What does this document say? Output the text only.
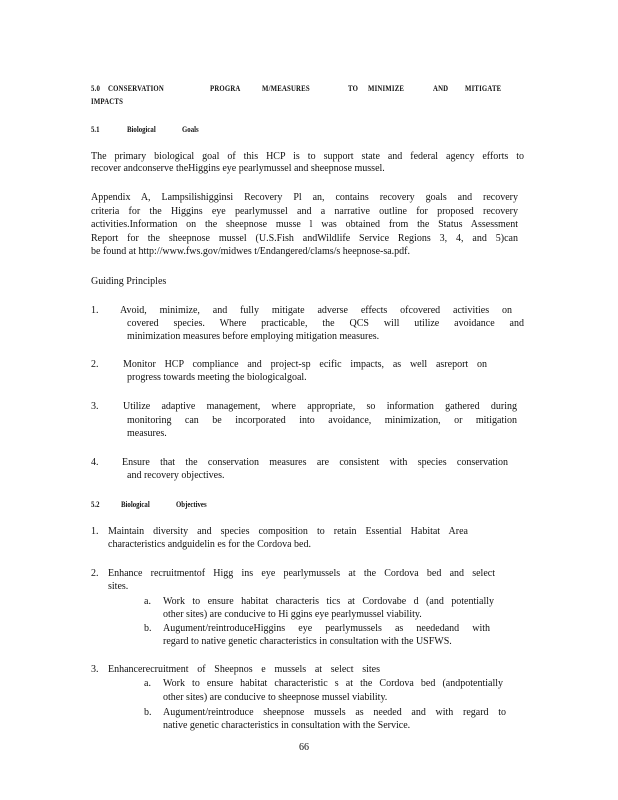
5.0 CONSERVATION	PROGRA	M/MEASURES	TO MINIMIZE	AND MITIGATE
IMPACTS
5.1	Biological	Goals
The primary biological goal of this HCP is to support state and federal agency efforts to
recover andconserve theHiggins eye pearlymussel and sheepnose mussel.
Appendix A, Lampsilishigginsi Recovery Pl an, contains recovery goals and recovery
criteria for the Higgins eye pearlymussel and a narrative outline for proposed recovery
activities.Information on the sheepnose musse l was obtained from the Status Assessment
Report for the sheepnose mussel (U.S.Fish andWildlife Service Regions 3, 4, and 5)can
be found at http://www.fws.gov/midwes t/Endangered/clams/s heepnose-sa.pdf.
Guiding Principles
1. Avoid, minimize, and fully mitigate adverse effects ofcovered activities on
covered species. Where practicable, the QCS will utilize avoidance and
minimization measures before employing mitigation measures.
2. Monitor HCP compliance and project-sp ecific impacts, as well asreport on
progress towards meeting the biologicalgoal.
3. Utilize adaptive management, where appropriate, so information gathered during
monitoring can be incorporated into avoidance, minimization, or mitigation
measures.
4. Ensure that the conservation measures are consistent with species conservation
and recovery objectives.
5.2	Biological	Objectives
1. Maintain diversity and species composition to retain Essential Habitat Area
characteristics andguidelin es for the Cordova bed.
2. Enhance recruitmentof Higg ins eye pearlymussels at the Cordova bed and select
sites.
a. Work to ensure habitat characteris tics at Cordovabe d (and potentially
other sites) are conducive to Hi ggins eye pearlymussel viability.
b. Augument/reintroduceHiggins eye pearlymussels as neededand with
regard to native genetic characteristics in consultation with the USFWS.
3. Enhancerecruitment of Sheepnos e mussels at select sites
a. Work to ensure habitat characteristic s at the Cordova bed (andpotentially
other sites) are conducive to sheepnose mussel viability.
b. Augument/reintroduce sheepnose mussels as needed and with regard to
native genetic characteristics in consultation with the Service.
66
